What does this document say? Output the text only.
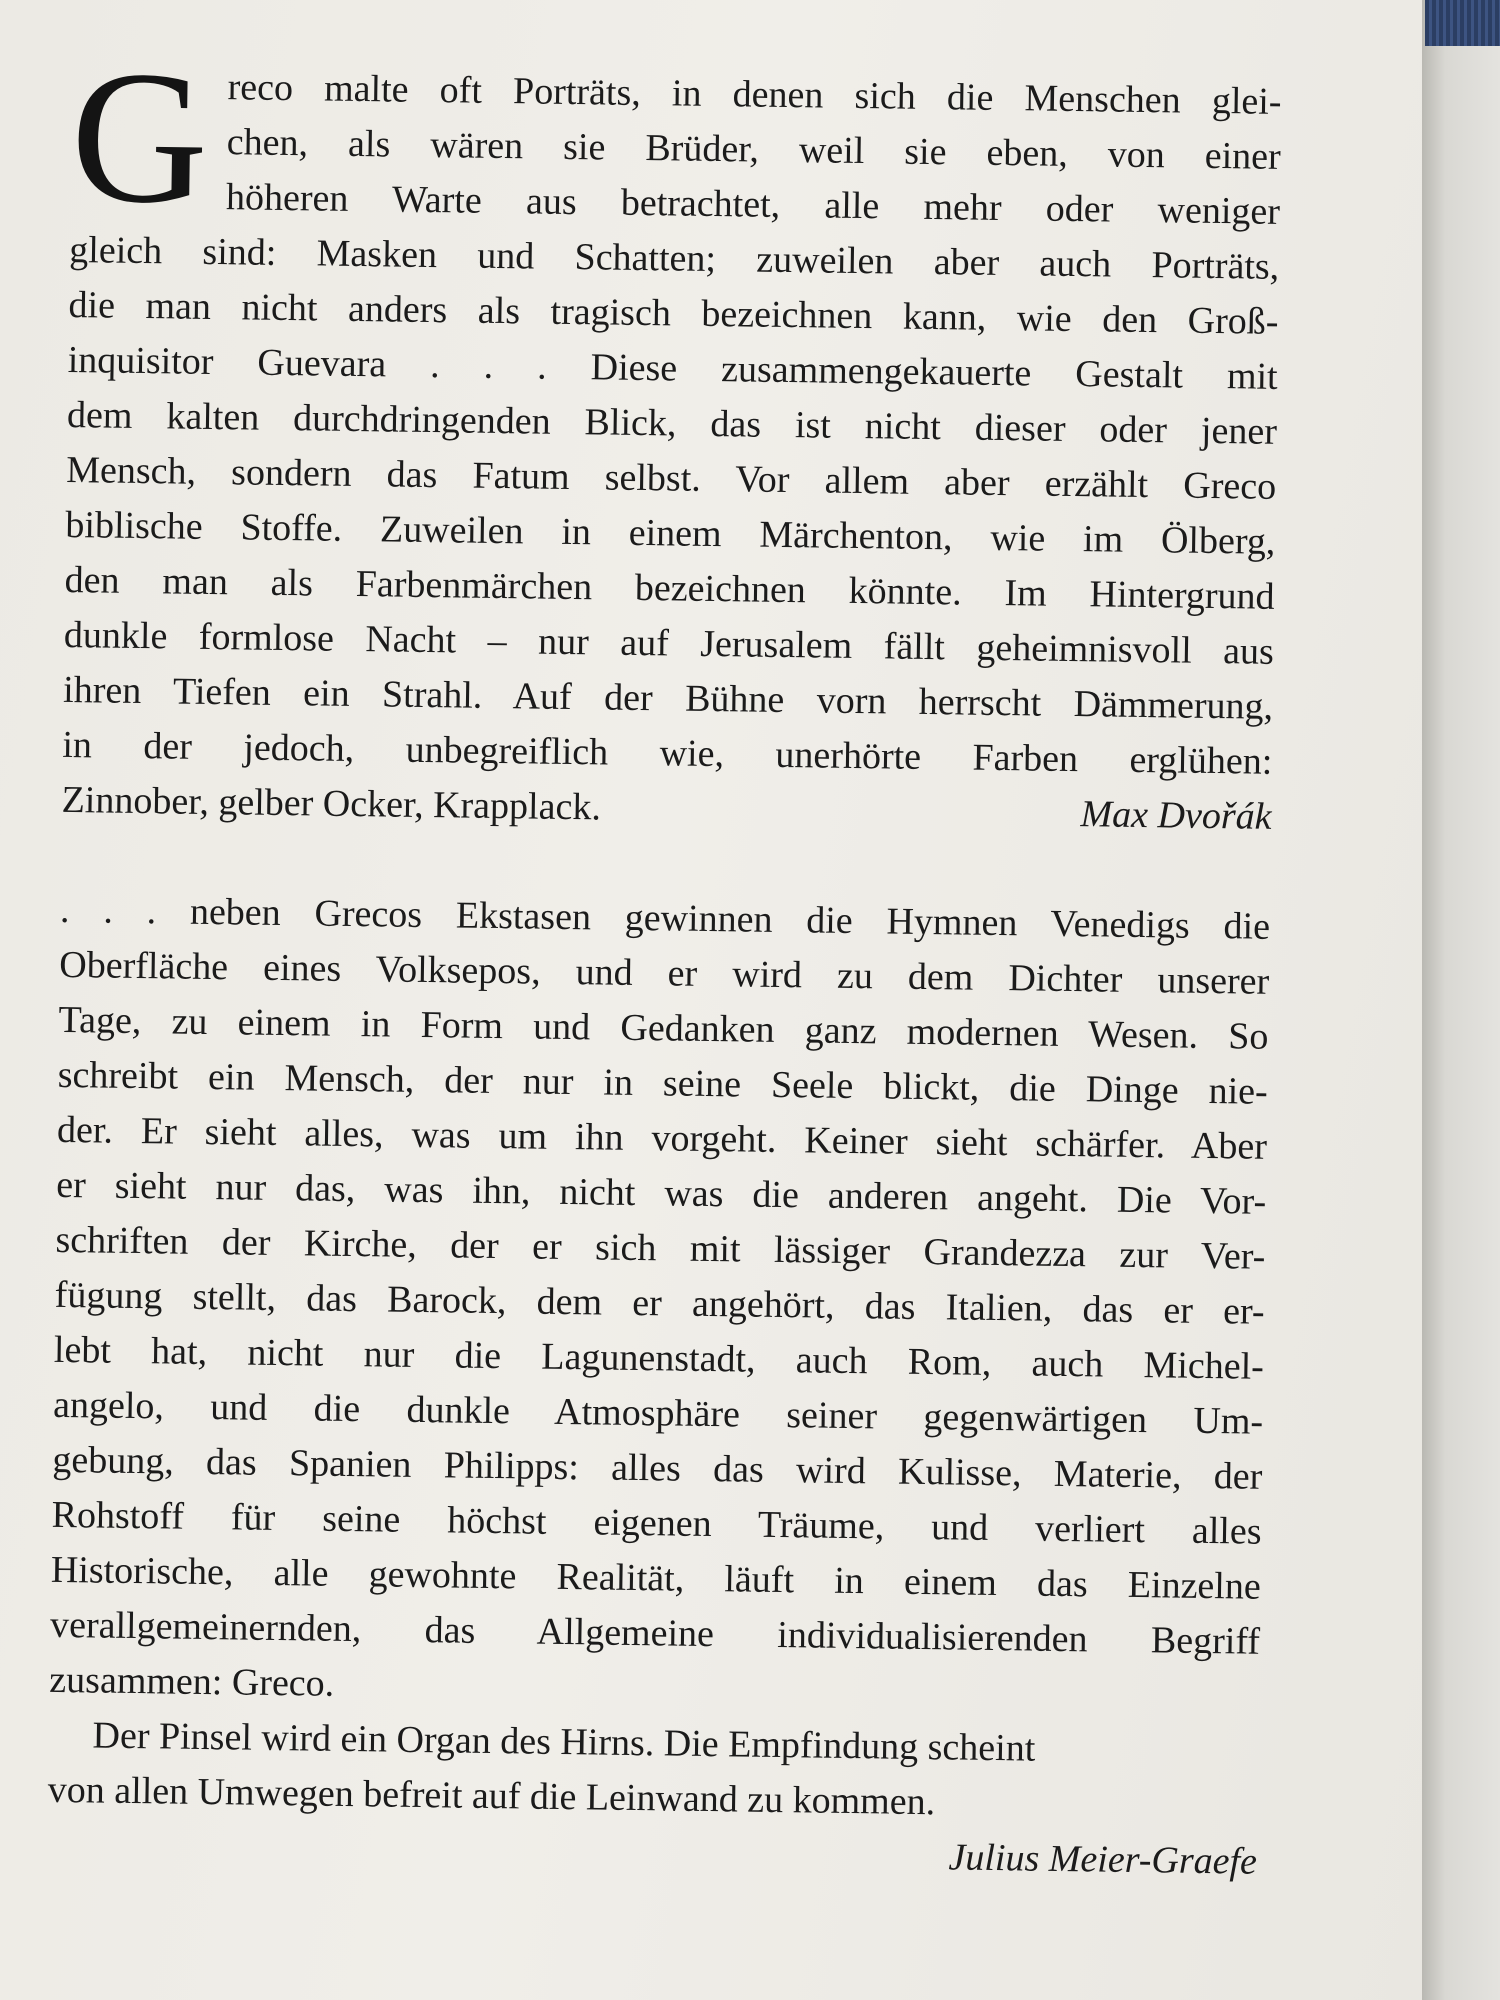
G reco malte oft Porträts, in denen sich die Menschen glei-
chen, als wären sie Brüder, weil sie eben, von einer
höheren Warte aus betrachtet, alle mehr oder weniger
gleich sind: Masken und Schatten; zuweilen aber auch Porträts,
die man nicht anders als tragisch bezeichnen kann, wie den Groß-
inquisitor Guevara . . . Diese zusammengekauerte Gestalt mit
dem kalten durchdringenden Blick, das ist nicht dieser oder jener
Mensch, sondern das Fatum selbst. Vor allem aber erzählt Greco
biblische Stoffe. Zuweilen in einem Märchenton, wie im Ölberg,
den man als Farbenmärchen bezeichnen könnte. Im Hintergrund
dunkle formlose Nacht – nur auf Jerusalem fällt geheimnisvoll aus
ihren Tiefen ein Strahl. Auf der Bühne vorn herrscht Dämmerung,
in der jedoch, unbegreiflich wie, unerhörte Farben erglühen:
Zinnober, gelber Ocker, Krapplack.	Max Dvořák
. . . neben Grecos Ekstasen gewinnen die Hymnen Venedigs die
Oberfläche eines Volksepos, und er wird zu dem Dichter unserer
Tage, zu einem in Form und Gedanken ganz modernen Wesen. So
schreibt ein Mensch, der nur in seine Seele blickt, die Dinge nie-
der. Er sieht alles, was um ihn vorgeht. Keiner sieht schärfer. Aber
er sieht nur das, was ihn, nicht was die anderen angeht. Die Vor-
schriften der Kirche, der er sich mit lässiger Grandezza zur Ver-
fügung stellt, das Barock, dem er angehört, das Italien, das er er-
lebt hat, nicht nur die Lagunenstadt, auch Rom, auch Michel-
angelo, und die dunkle Atmosphäre seiner gegenwärtigen Um-
gebung, das Spanien Philipps: alles das wird Kulisse, Materie, der
Rohstoff für seine höchst eigenen Träume, und verliert alles
Historische, alle gewohnte Realität, läuft in einem das Einzelne
verallgemeinernden, das Allgemeine individualisierenden Begriff
zusammen: Greco.
Der Pinsel wird ein Organ des Hirns. Die Empfindung scheint
von allen Umwegen befreit auf die Leinwand zu kommen.
Julius Meier-Graefe
